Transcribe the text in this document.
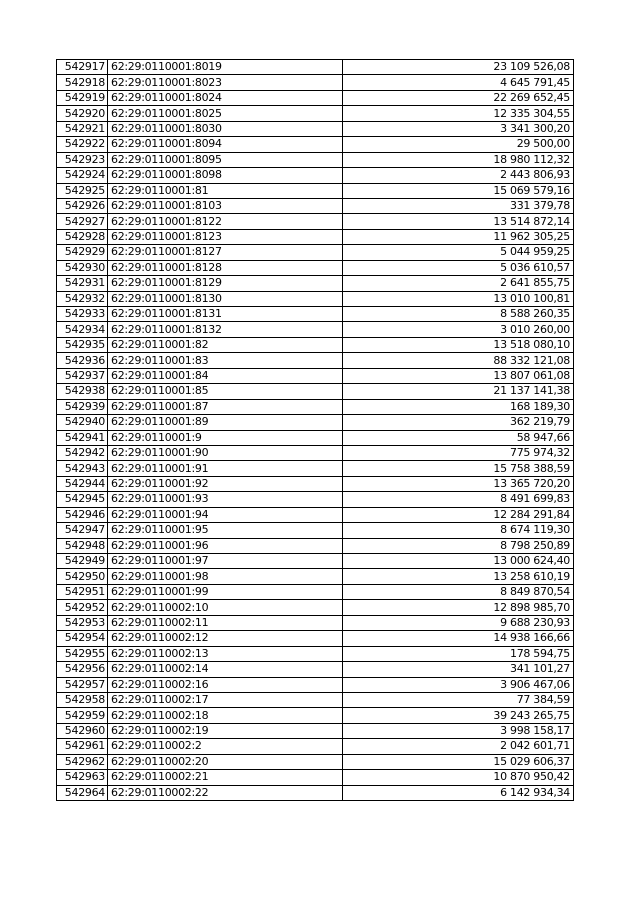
542917	62:29:0110001:8019	23 109 526,08
542918	62:29:0110001:8023	4 645 791,45
542919	62:29:0110001:8024	22 269 652,45
542920	62:29:0110001:8025	12 335 304,55
542921	62:29:0110001:8030	3 341 300,20
542922	62:29:0110001:8094	29 500,00
542923	62:29:0110001:8095	18 980 112,32
542924	62:29:0110001:8098	2 443 806,93
542925	62:29:0110001:81	15 069 579,16
542926	62:29:0110001:8103	331 379,78
542927	62:29:0110001:8122	13 514 872,14
542928	62:29:0110001:8123	11 962 305,25
542929	62:29:0110001:8127	5 044 959,25
542930	62:29:0110001:8128	5 036 610,57
542931	62:29:0110001:8129	2 641 855,75
542932	62:29:0110001:8130	13 010 100,81
542933	62:29:0110001:8131	8 588 260,35
542934	62:29:0110001:8132	3 010 260,00
542935	62:29:0110001:82	13 518 080,10
542936	62:29:0110001:83	88 332 121,08
542937	62:29:0110001:84	13 807 061,08
542938	62:29:0110001:85	21 137 141,38
542939	62:29:0110001:87	168 189,30
542940	62:29:0110001:89	362 219,79
542941	62:29:0110001:9	58 947,66
542942	62:29:0110001:90	775 974,32
542943	62:29:0110001:91	15 758 388,59
542944	62:29:0110001:92	13 365 720,20
542945	62:29:0110001:93	8 491 699,83
542946	62:29:0110001:94	12 284 291,84
542947	62:29:0110001:95	8 674 119,30
542948	62:29:0110001:96	8 798 250,89
542949	62:29:0110001:97	13 000 624,40
542950	62:29:0110001:98	13 258 610,19
542951	62:29:0110001:99	8 849 870,54
542952	62:29:0110002:10	12 898 985,70
542953	62:29:0110002:11	9 688 230,93
542954	62:29:0110002:12	14 938 166,66
542955	62:29:0110002:13	178 594,75
542956	62:29:0110002:14	341 101,27
542957	62:29:0110002:16	3 906 467,06
542958	62:29:0110002:17	77 384,59
542959	62:29:0110002:18	39 243 265,75
542960	62:29:0110002:19	3 998 158,17
542961	62:29:0110002:2	2 042 601,71
542962	62:29:0110002:20	15 029 606,37
542963	62:29:0110002:21	10 870 950,42
542964	62:29:0110002:22	6 142 934,34
